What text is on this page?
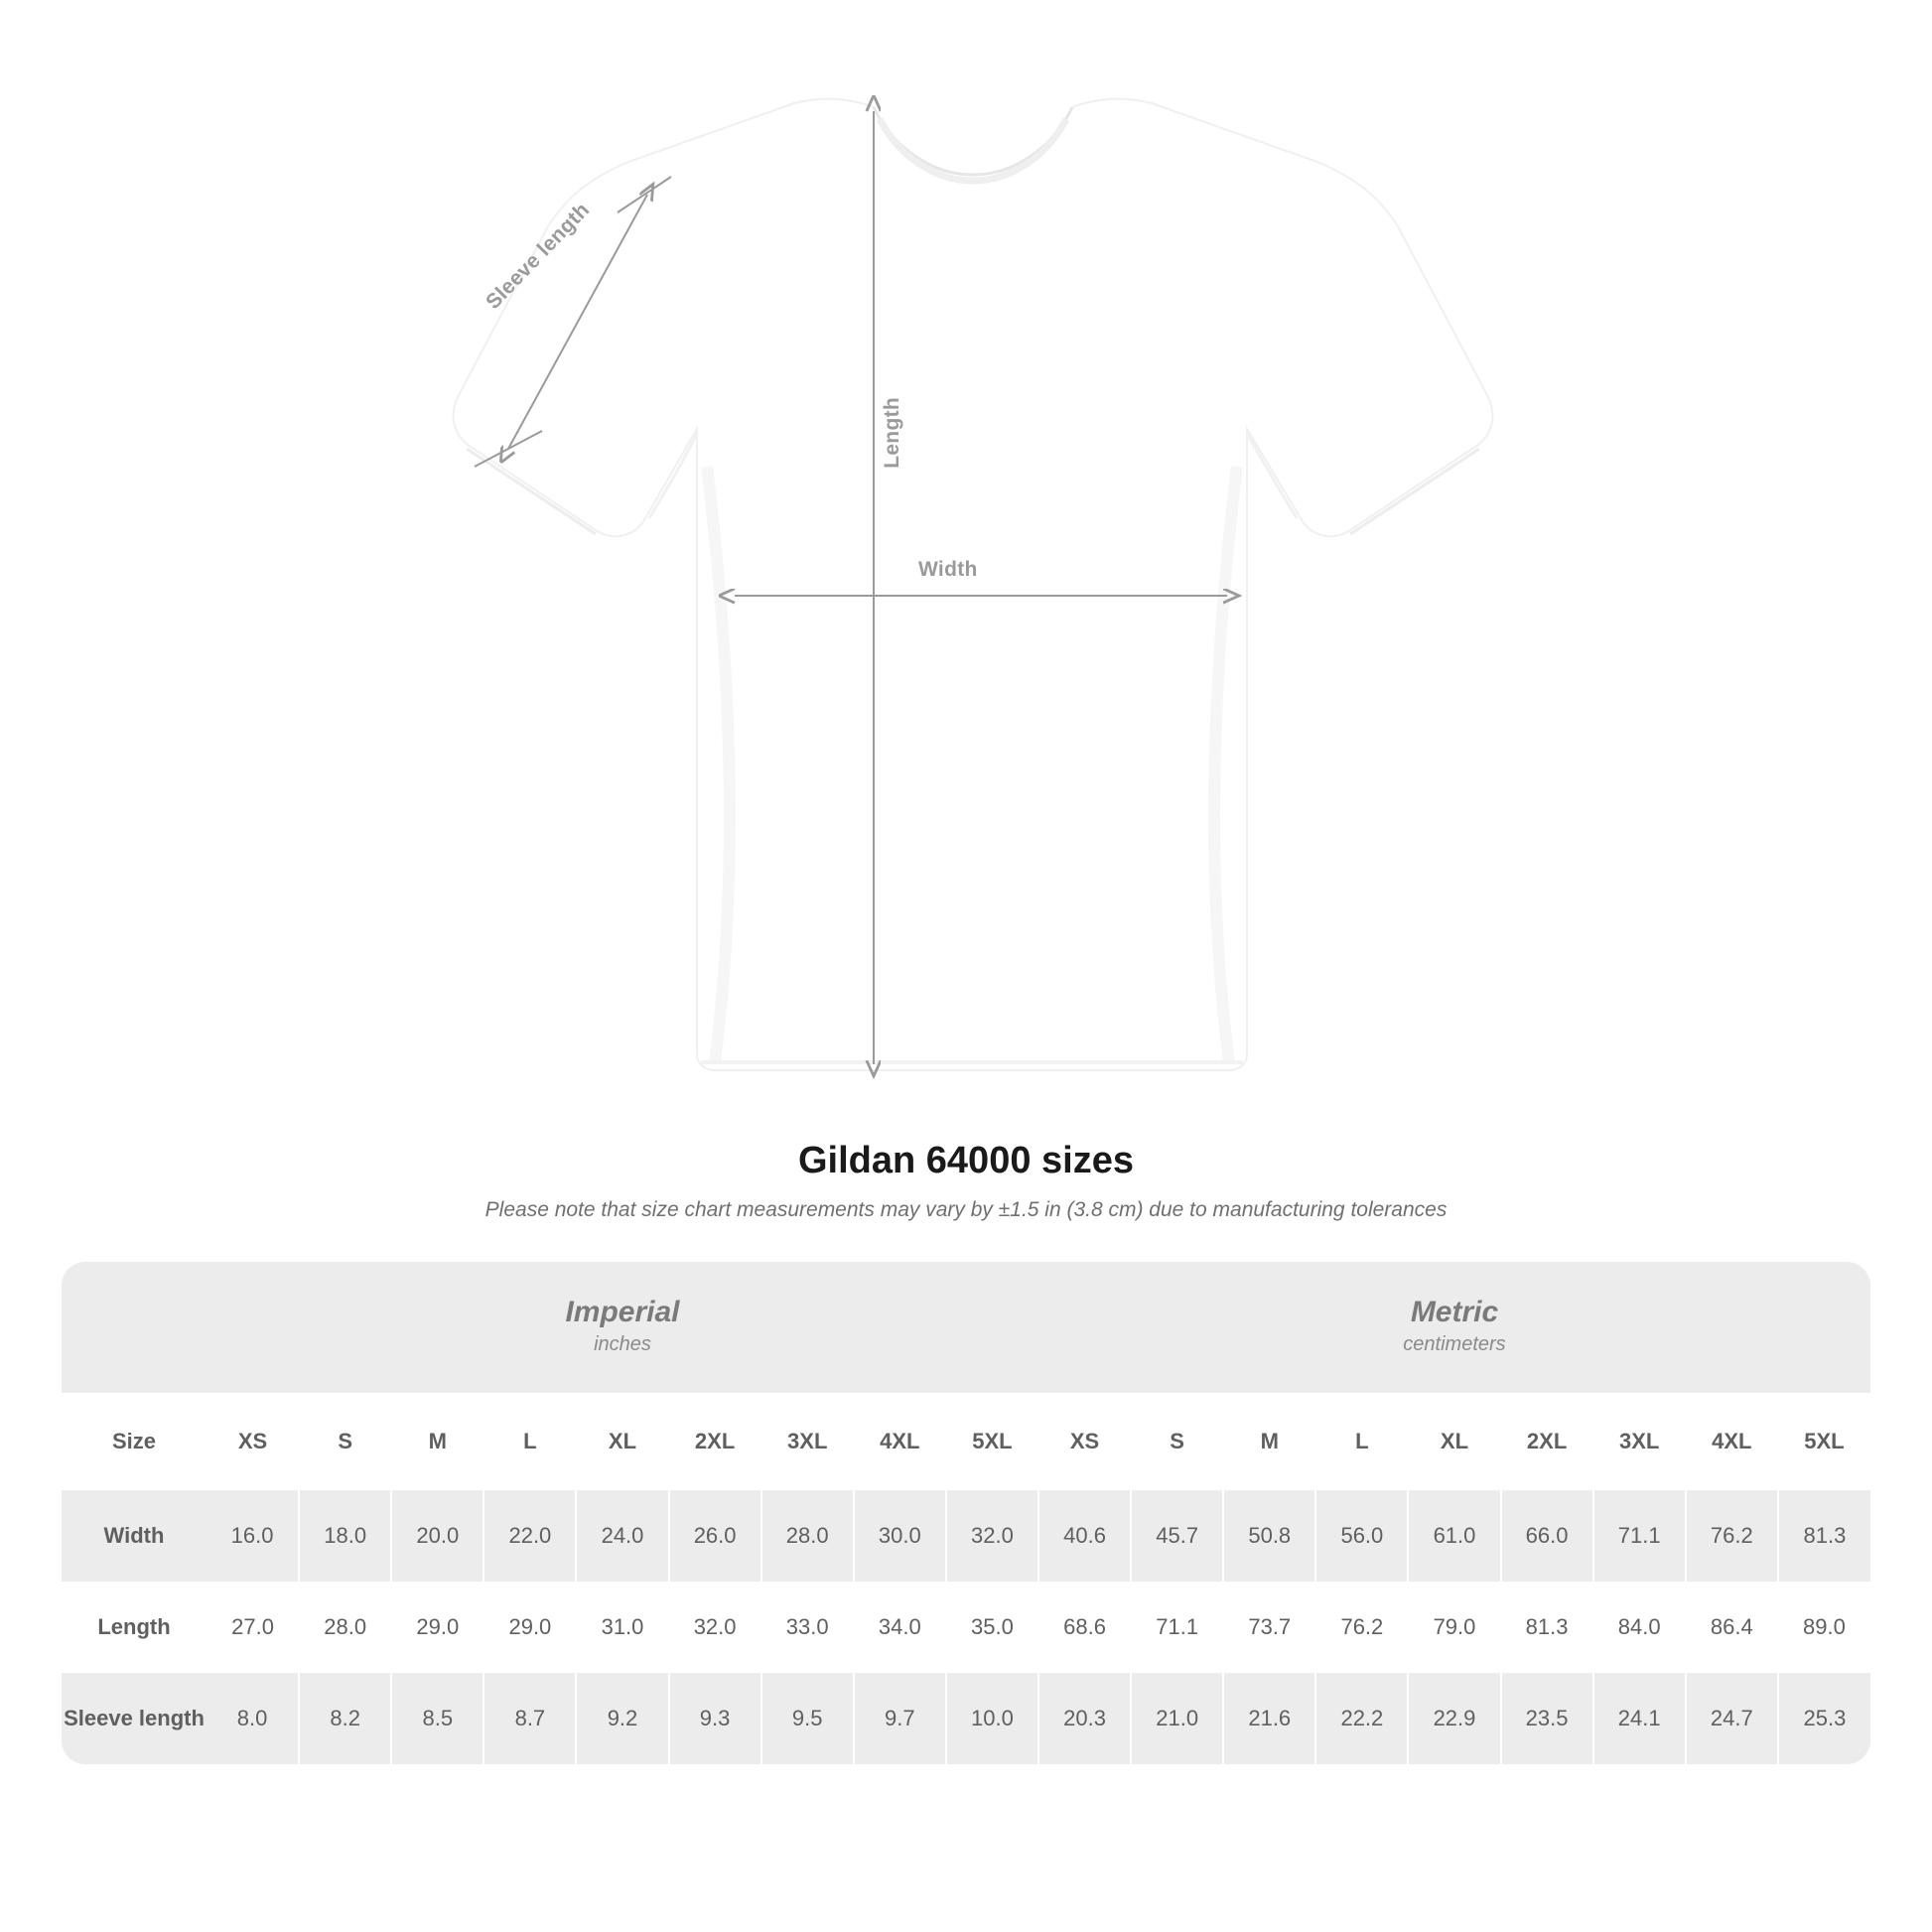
Length
Width
Sleeve length
Gildan 64000 sizes

Please note that size chart measurements may vary by ±1.5 in (3.8 cm) due to manufacturing tolerances

Imperial
inches

Metric
centimeters

Size	XS	S	M	L	XL	2XL	3XL	4XL	5XL	XS	S	M	L	XL	2XL	3XL	4XL	5XL
Width	16.0	18.0	20.0	22.0	24.0	26.0	28.0	30.0	32.0	40.6	45.7	50.8	56.0	61.0	66.0	71.1	76.2	81.3
Length	27.0	28.0	29.0	29.0	31.0	32.0	33.0	34.0	35.0	68.6	71.1	73.7	76.2	79.0	81.3	84.0	86.4	89.0
Sleeve length	8.0	8.2	8.5	8.7	9.2	9.3	9.5	9.7	10.0	20.3	21.0	21.6	22.2	22.9	23.5	24.1	24.7	25.3
